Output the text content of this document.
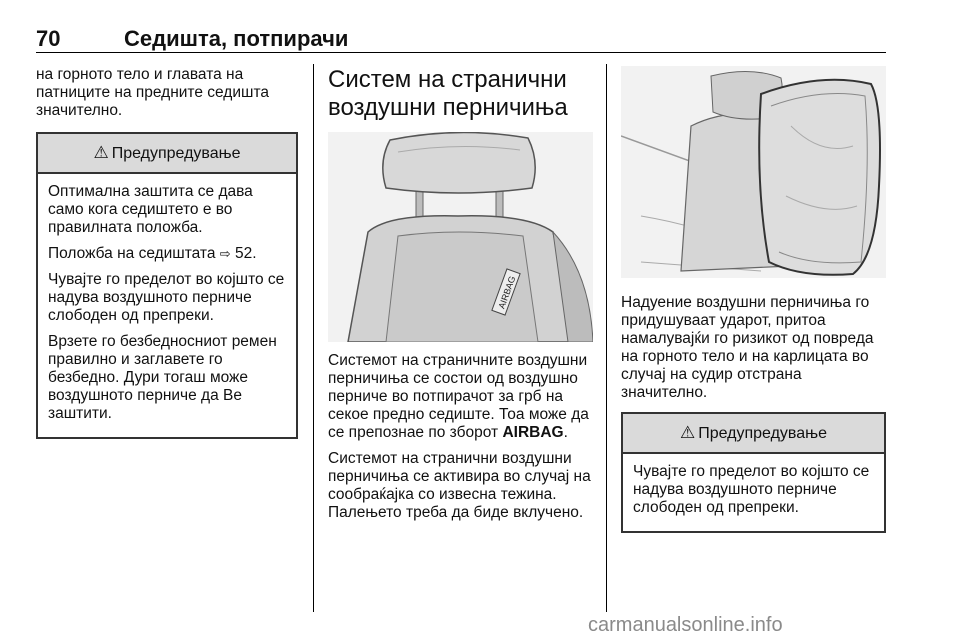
70	Седишта, потпирачи

на горното тело и главата на патниците на предните седишта значително.

⚠ Предупредување

Оптимална заштита се дава само кога седиштето е во правилната положба.

Положба на седиштата ⇨ 52.

Чувајте го пределот во којшто се надува воздушното перниче слободен од препреки.

Врзете го безбедносниот ремен правилно и заглавете го безбедно. Дури тогаш може воздушното перниче да Ве заштити.

Систем на странични воздушни перничиња
AIRBAG

Системот на страничните воздушни перничиња се состои од воздушно перниче во потпирачот за грб на секое предно седиште. Тоа може да се препознае по зборот AIRBAG.

Системот на странични воздушни перничиња се активира во случај на сообраќајка со извесна тежина. Палењето треба да биде вклучено.

Надуение воздушни перничиња го придушуваат ударот, притоа намалувајќи го ризикот од повреда на горното тело и на карлицата во случај на судир отстрана значително.

⚠ Предупредување

Чувајте го пределот во којшто се надува воздушното перниче слободен од препреки.

carmanualsonline.info
